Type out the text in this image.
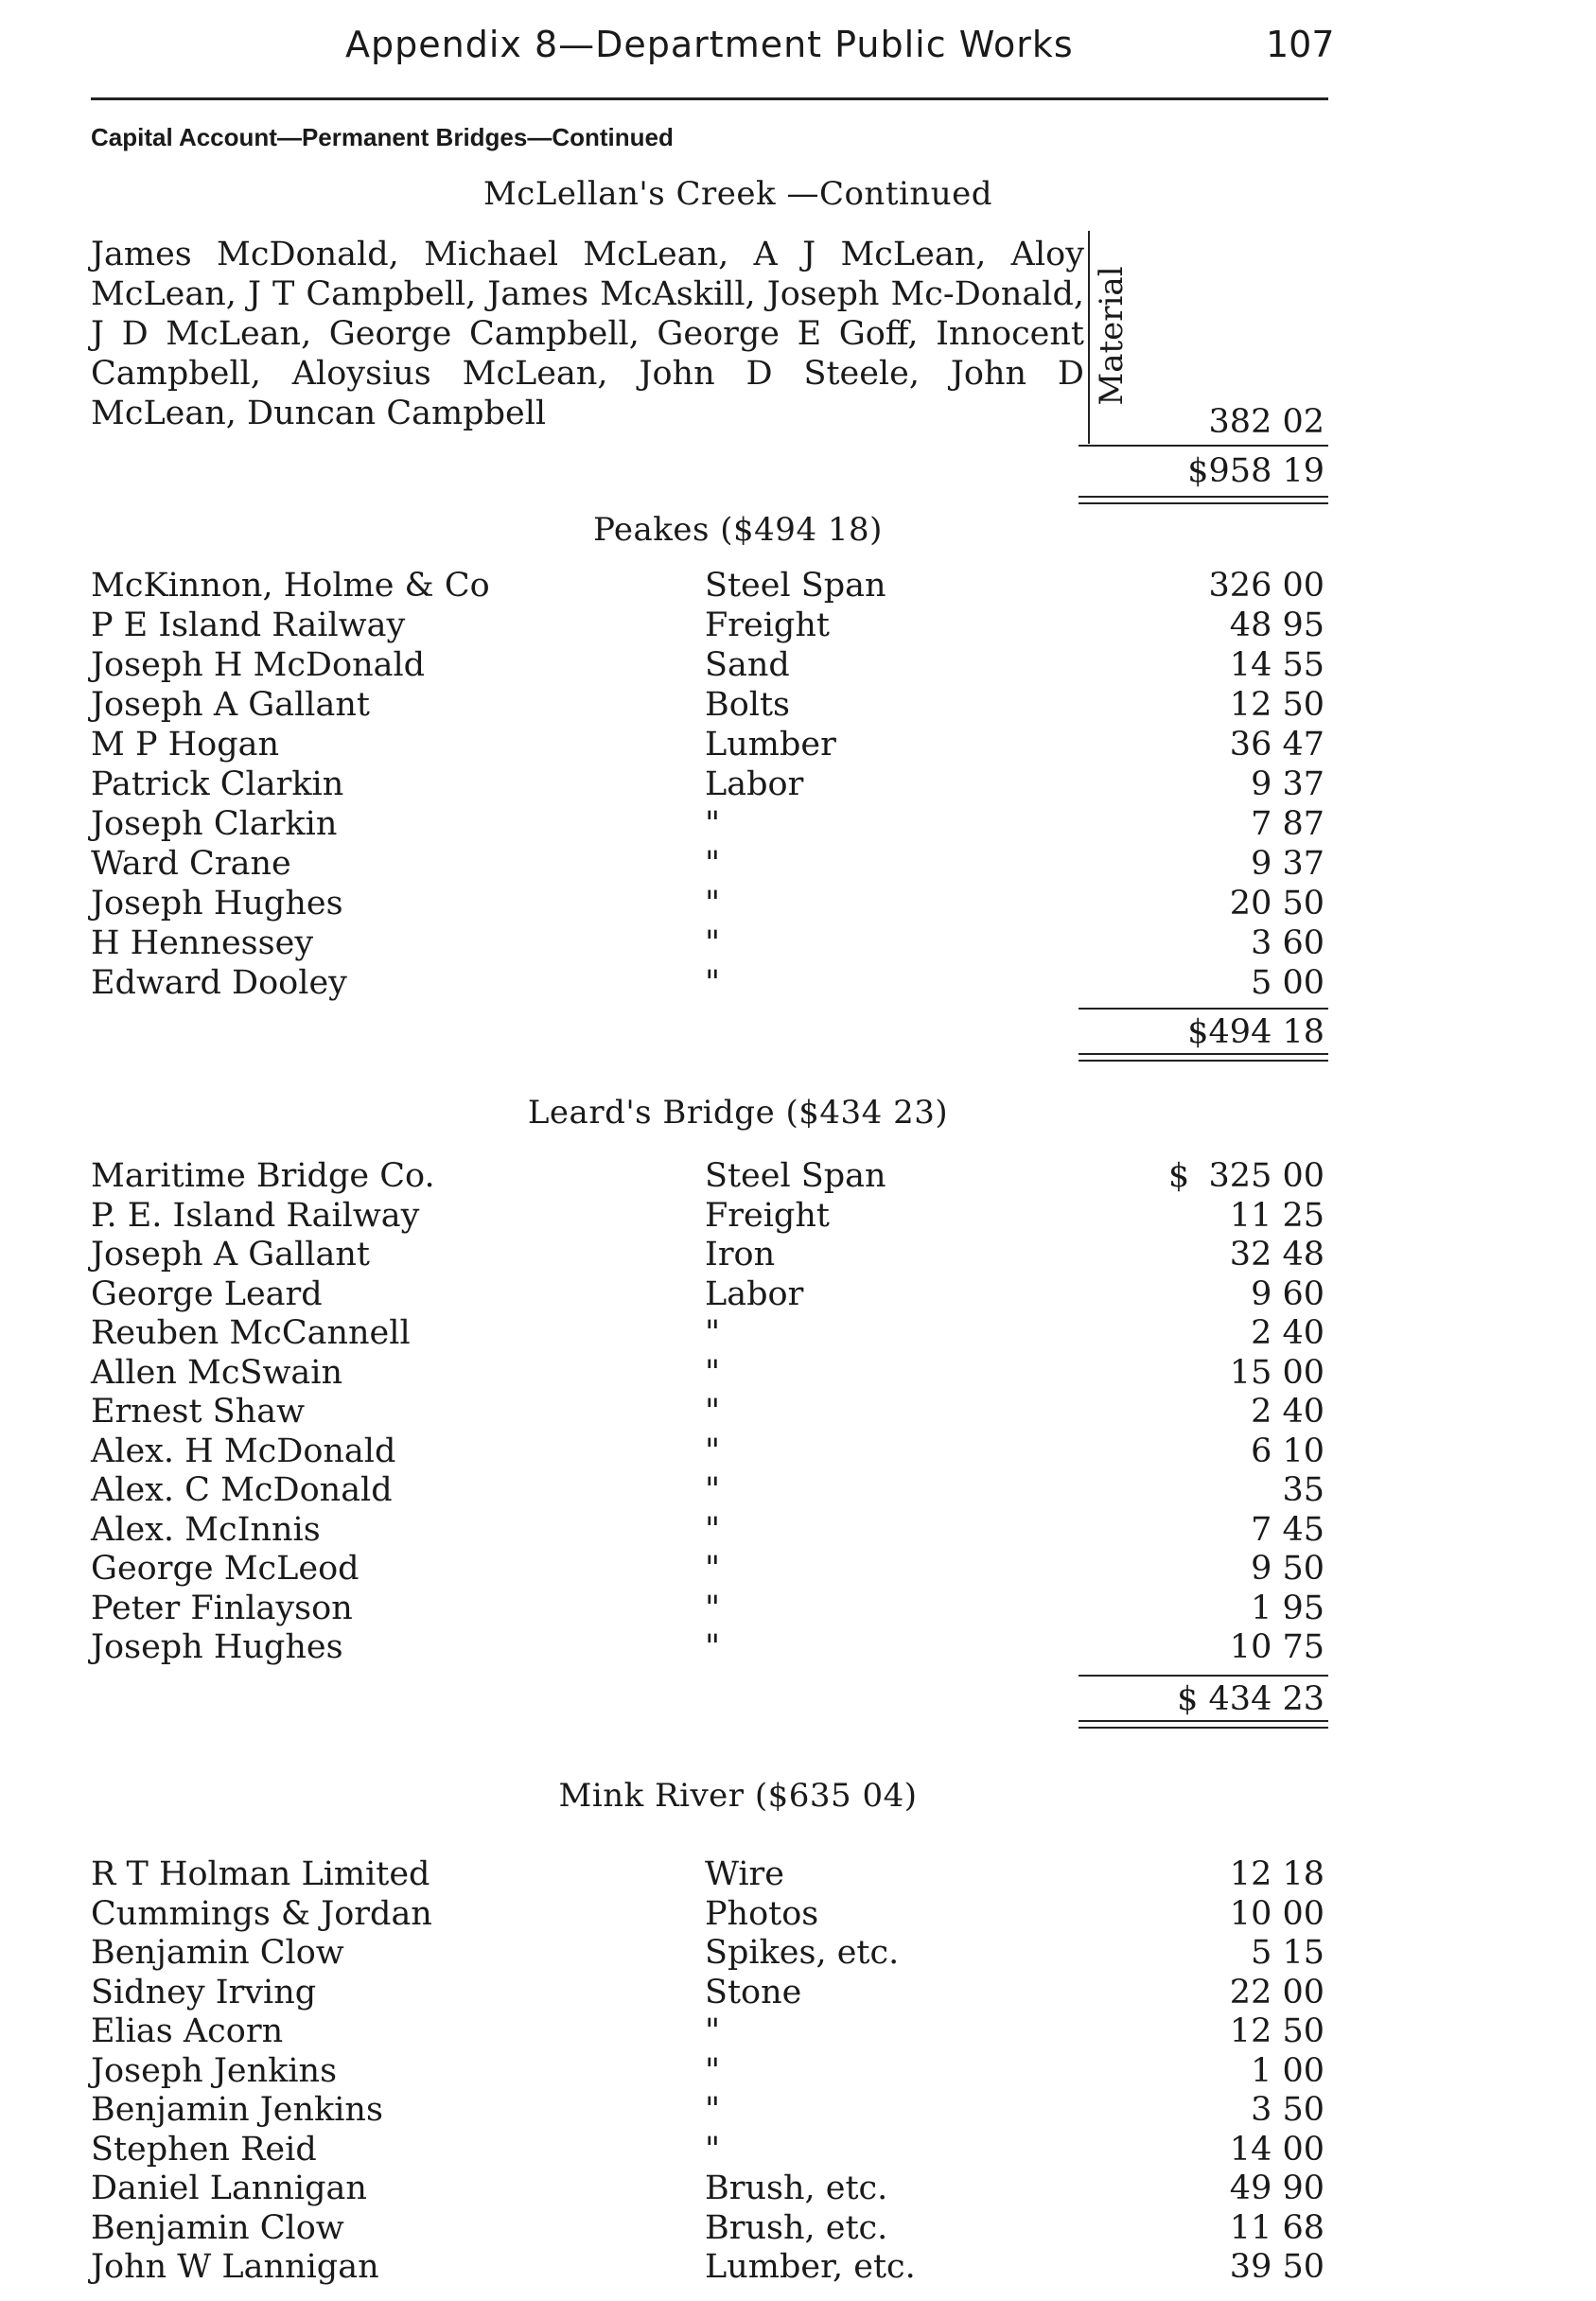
Appendix 8—Department Public Works	107
Capital Account—Permanent Bridges—Continued
McLellan's Creek —Continued
James McDonald, Michael McLean, A J McLean, Aloy McLean, J T Campbell, James McAskill, Joseph Mc-Donald, J D McLean, George Campbell, George E Goff, Innocent Campbell, Aloysius McLean, John D Steele, John D McLean, Duncan Campbell
Material
382 02
$958 19
Peakes ($494 18)
McKinnon, Holme & Co	Steel Span	326 00
P E Island Railway	Freight	48 95
Joseph H McDonald	Sand	14 55
Joseph A Gallant	Bolts	12 50
M P Hogan	Lumber	36 47
Patrick Clarkin	Labor	9 37
Joseph Clarkin	"	7 87
Ward Crane	"	9 37
Joseph Hughes	"	20 50
H Hennessey	"	3 60
Edward Dooley	"	5 00
$494 18
Leard's Bridge ($434 23)
$
Maritime Bridge Co.	Steel Span	325 00
P. E. Island Railway	Freight	11 25
Joseph A Gallant	Iron	32 48
George Leard	Labor	9 60
Reuben McCannell	"	2 40
Allen McSwain	"	15 00
Ernest Shaw	"	2 40
Alex. H McDonald	"	6 10
Alex. C McDonald	"	35
Alex. McInnis	"	7 45
George McLeod	"	9 50
Peter Finlayson	"	1 95
Joseph Hughes	"	10 75
$ 434 23
Mink River ($635 04)
R T Holman Limited	Wire	12 18
Cummings & Jordan	Photos	10 00
Benjamin Clow	Spikes, etc.	5 15
Sidney Irving	Stone	22 00
Elias Acorn	"	12 50
Joseph Jenkins	"	1 00
Benjamin Jenkins	"	3 50
Stephen Reid	"	14 00
Daniel Lannigan	Brush, etc.	49 90
Benjamin Clow	Brush, etc.	11 68
John W Lannigan	Lumber, etc.	39 50
